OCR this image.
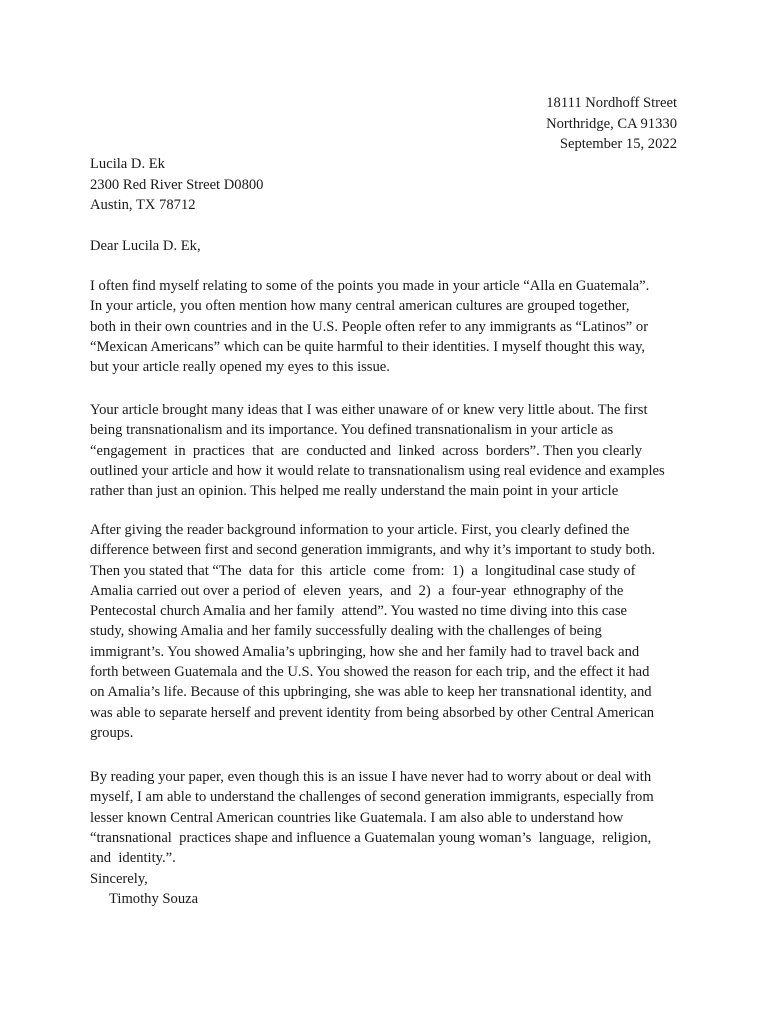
18111 Nordhoff Street
Northridge, CA 91330
September 15, 2022
Lucila D. Ek
2300 Red River Street D0800
Austin, TX 78712
Dear Lucila D. Ek,
I often find myself relating to some of the points you made in your article “Alla en Guatemala”.
In your article, you often mention how many central american cultures are grouped together,
both in their own countries and in the U.S. People often refer to any immigrants as “Latinos” or
“Mexican Americans” which can be quite harmful to their identities. I myself thought this way,
but your article really opened my eyes to this issue.
Your article brought many ideas that I was either unaware of or knew very little about. The first
being transnationalism and its importance. You defined transnationalism in your article as
“engagement  in  practices  that  are  conducted and  linked  across  borders”. Then you clearly
outlined your article and how it would relate to transnationalism using real evidence and examples
rather than just an opinion. This helped me really understand the main point in your article
After giving the reader background information to your article. First, you clearly defined the
difference between first and second generation immigrants, and why it’s important to study both.
Then you stated that “The  data for  this  article  come  from:  1)  a  longitudinal case study of
Amalia carried out over a period of  eleven  years,  and  2)  a  four-year  ethnography of the
Pentecostal church Amalia and her family  attend”. You wasted no time diving into this case
study, showing Amalia and her family successfully dealing with the challenges of being
immigrant’s. You showed Amalia’s upbringing, how she and her family had to travel back and
forth between Guatemala and the U.S. You showed the reason for each trip, and the effect it had
on Amalia’s life. Because of this upbringing, she was able to keep her transnational identity, and
was able to separate herself and prevent identity from being absorbed by other Central American
groups.
By reading your paper, even though this is an issue I have never had to worry about or deal with
myself, I am able to understand the challenges of second generation immigrants, especially from
lesser known Central American countries like Guatemala. I am also able to understand how
“transnational  practices shape and influence a Guatemalan young woman’s  language,  religion,
and  identity.”.
Sincerely,
Timothy Souza
